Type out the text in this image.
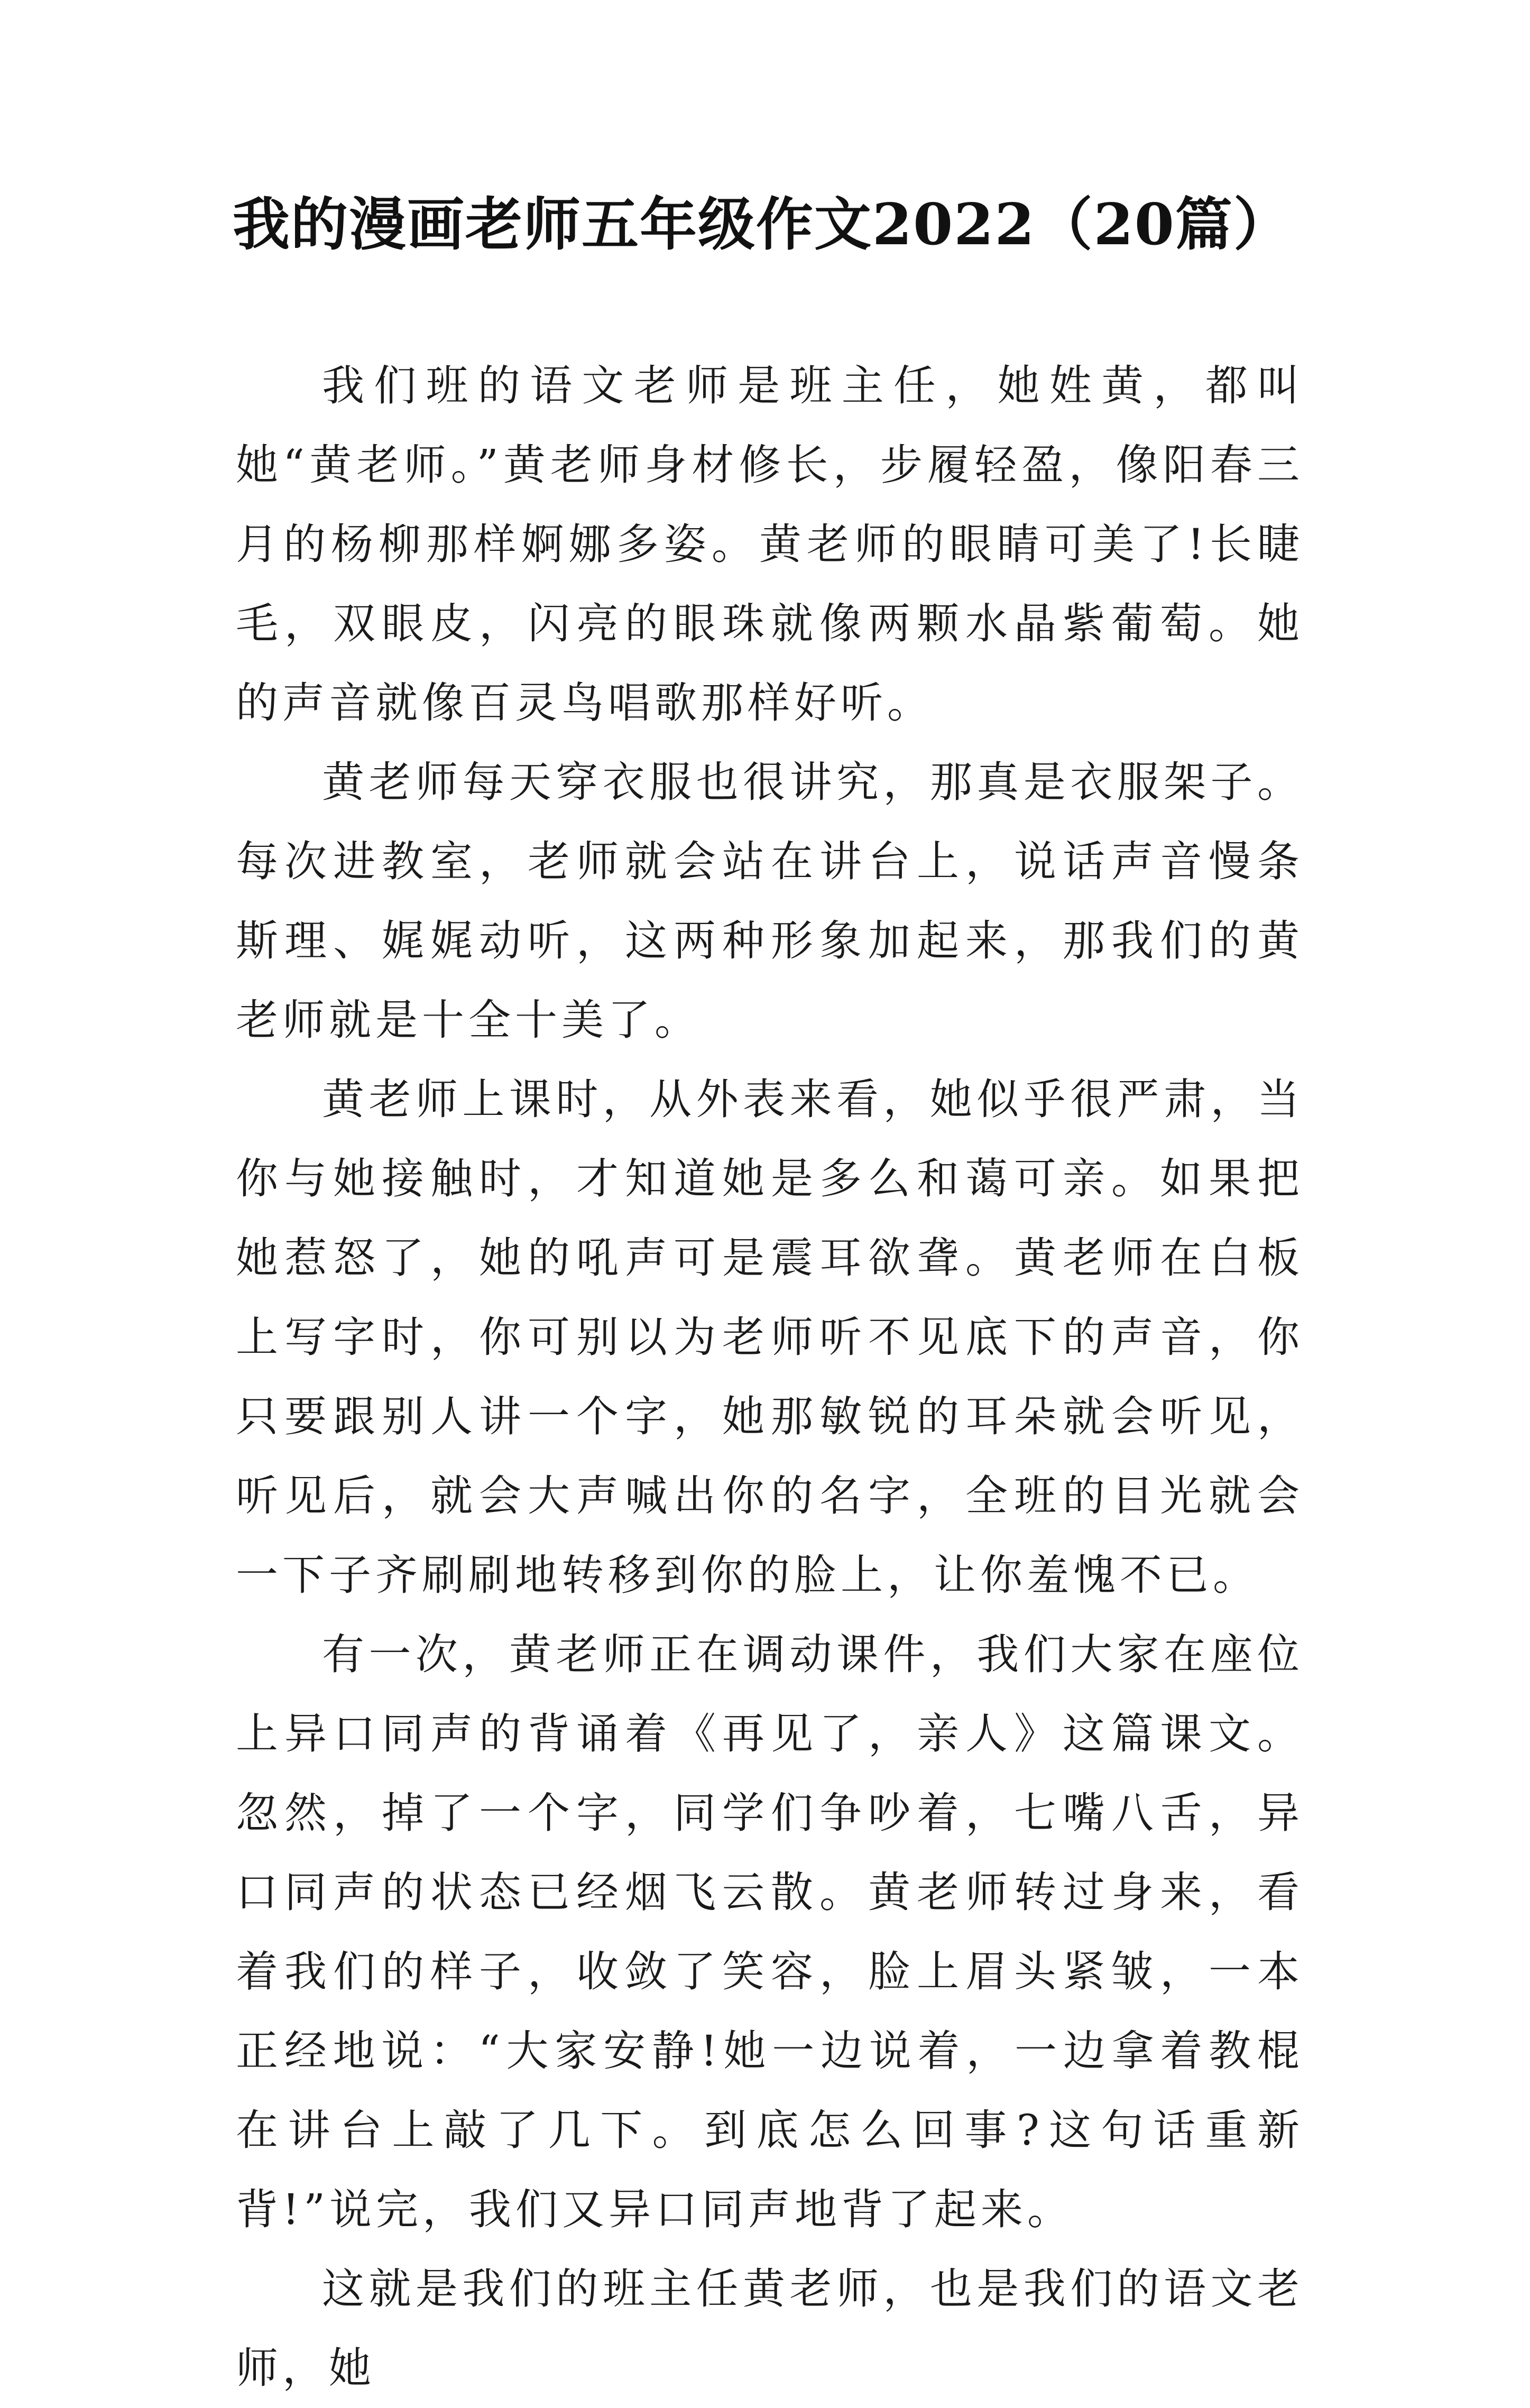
我的漫画老师五年级作文2022（20篇）

我们班的语文老师是班主任，她姓黄，都叫她“黄老师。”黄老师身材修长，步履轻盈，像阳春三月的杨柳那样婀娜多姿。黄老师的眼睛可美了!长睫毛，双眼皮，闪亮的眼珠就像两颗水晶紫葡萄。她的声音就像百灵鸟唱歌那样好听。

黄老师每天穿衣服也很讲究，那真是衣服架子。每次进教室，老师就会站在讲台上，说话声音慢条斯理、娓娓动听，这两种形象加起来，那我们的黄老师就是十全十美了。

黄老师上课时，从外表来看，她似乎很严肃，当你与她接触时，才知道她是多么和蔼可亲。如果把她惹怒了，她的吼声可是震耳欲聋。黄老师在白板上写字时，你可别以为老师听不见底下的声音，你只要跟别人讲一个字，她那敏锐的耳朵就会听见，听见后，就会大声喊出你的名字，全班的目光就会一下子齐刷刷地转移到你的脸上，让你羞愧不已。

有一次，黄老师正在调动课件，我们大家在座位上异口同声的背诵着《再见了，亲人》这篇课文。忽然，掉了一个字，同学们争吵着，七嘴八舌，异口同声的状态已经烟飞云散。黄老师转过身来，看着我们的样子，收敛了笑容，脸上眉头紧皱，一本正经地说：“大家安静!她一边说着，一边拿着教棍在讲台上敲了几下。到底怎么回事?这句话重新背!”说完，我们又异口同声地背了起来。

这就是我们的班主任黄老师，也是我们的语文老师，她
